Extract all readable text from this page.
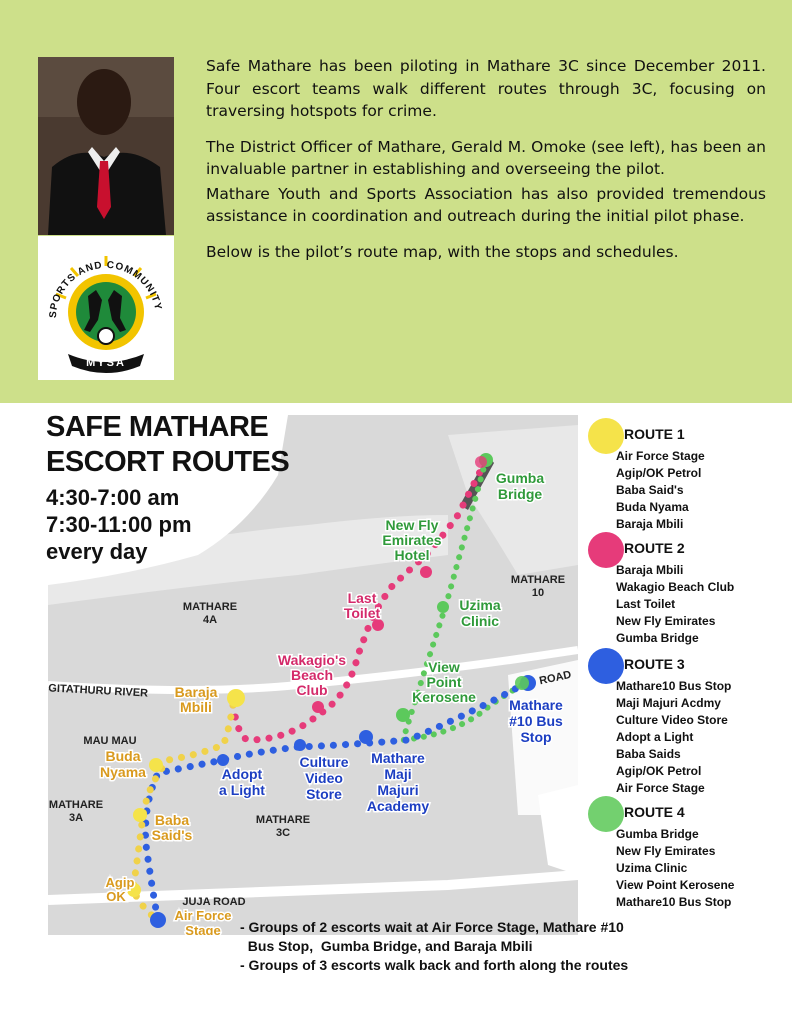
SPORTS AND COMMUNITY
MYSA

Safe Mathare has been piloting in Mathare 3C since December 2011. Four escort teams walk different routes through 3C, focusing on traversing hotspots for crime.

The District Officer of Mathare, Gerald M. Omoke (see left), has been an invaluable partner in establishing and overseeing the pilot.

Mathare Youth and Sports Association has also provided tremendous assistance in coordination and outreach during the initial pilot phase.

Below is the pilot’s route map, with the stops and schedules.

MATHARE
4A
MATHARE
10
MATHARE
3A	MATHARE
3C
MAU MAU
GITATHURU RIVER
ROAD
JUJA ROAD
Gumba
Bridge
New Fly
Emirates
Hotel
Uzima
Clinic
View
Point
Kerosene
Last
Toilet
Wakagio's
Beach
Club
Baraja
Mbili
Buda
Nyama
Baba
Said's
Agip
OK
Air Force
Stage
Mathare
#10 Bus
Stop
Adopt
a Light
Culture
Video
Store
Mathare
Maji
Majuri
Academy
SAFE MATHARE
ESCORT ROUTES
4:30-7:00 am
7:30-11:00 pm
every day
ROUTE 1
Air Force Stage
Agip/OK Petrol
Baba Said's
Buda Nyama
Baraja Mbili
ROUTE 2
Baraja Mbili
Wakagio Beach Club
Last Toilet
New Fly Emirates
Gumba Bridge
ROUTE 3
Mathare10 Bus Stop
Maji Majuri Acdmy
Culture Video Store
Adopt a Light
Baba Saids
Agip/OK Petrol
Air Force Stage
ROUTE 4
Gumba Bridge
New Fly Emirates
Uzima Clinic
View Point Kerosene
Mathare10 Bus Stop
- Groups of 2 escorts wait at Air Force Stage, Mathare #10
Bus Stop,  Gumba Bridge, and Baraja Mbili
- Groups of 3 escorts walk back and forth along the routes
